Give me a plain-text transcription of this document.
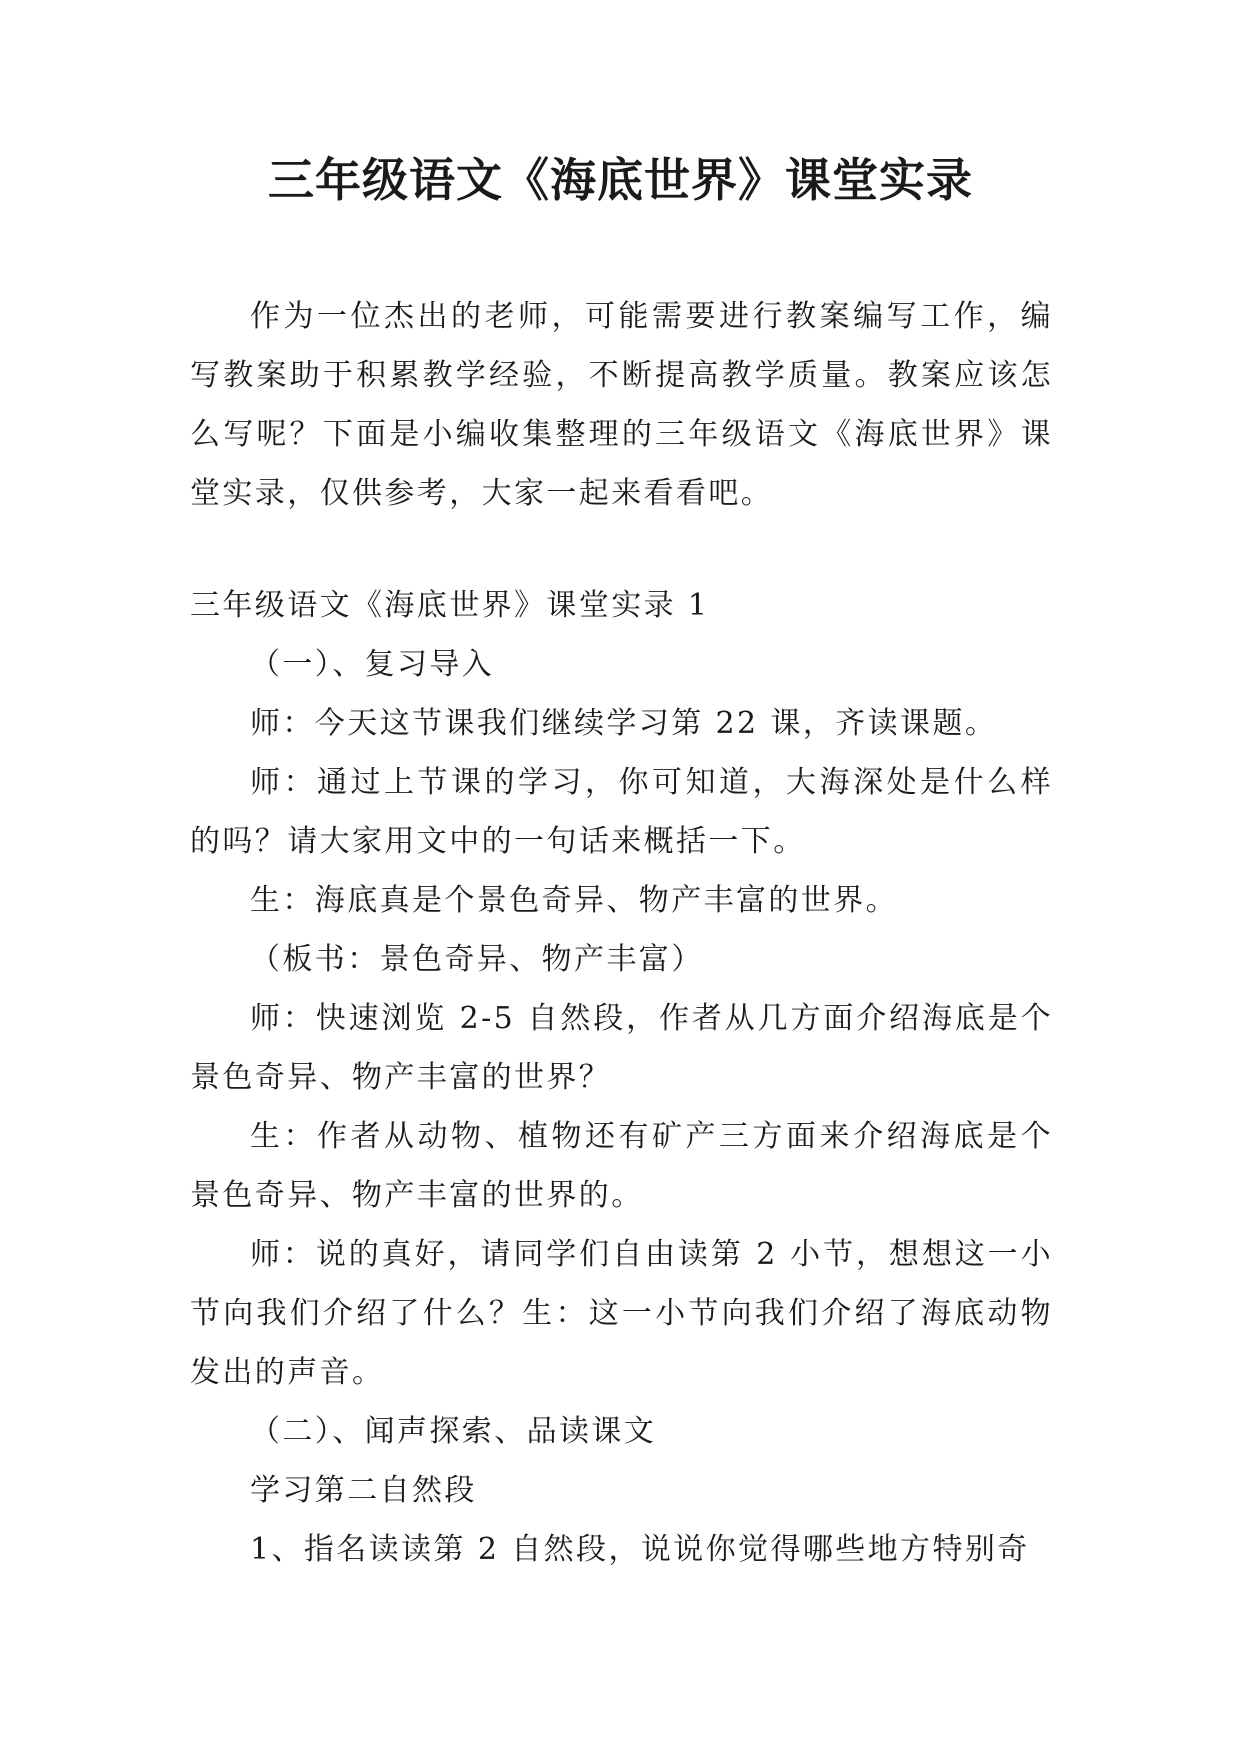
三年级语文《海底世界》课堂实录

作为一位杰出的老师，可能需要进行教案编写工作，编写教案助于积累教学经验，不断提高教学质量。教案应该怎么写呢？下面是小编收集整理的三年级语文《海底世界》课堂实录，仅供参考，大家一起来看看吧。

三年级语文《海底世界》课堂实录 1

（一）、复习导入

师：今天这节课我们继续学习第 22 课，齐读课题。

师：通过上节课的学习，你可知道，大海深处是什么样的吗？请大家用文中的一句话来概括一下。

生：海底真是个景色奇异、物产丰富的世界。

（板书：景色奇异、物产丰富）

师：快速浏览 2-5 自然段，作者从几方面介绍海底是个景色奇异、物产丰富的世界？

生：作者从动物、植物还有矿产三方面来介绍海底是个景色奇异、物产丰富的世界的。

师：说的真好，请同学们自由读第 2 小节，想想这一小节向我们介绍了什么？生：这一小节向我们介绍了海底动物发出的声音。

（二）、闻声探索、品读课文

学习第二自然段

1、指名读读第 2 自然段，说说你觉得哪些地方特别奇
